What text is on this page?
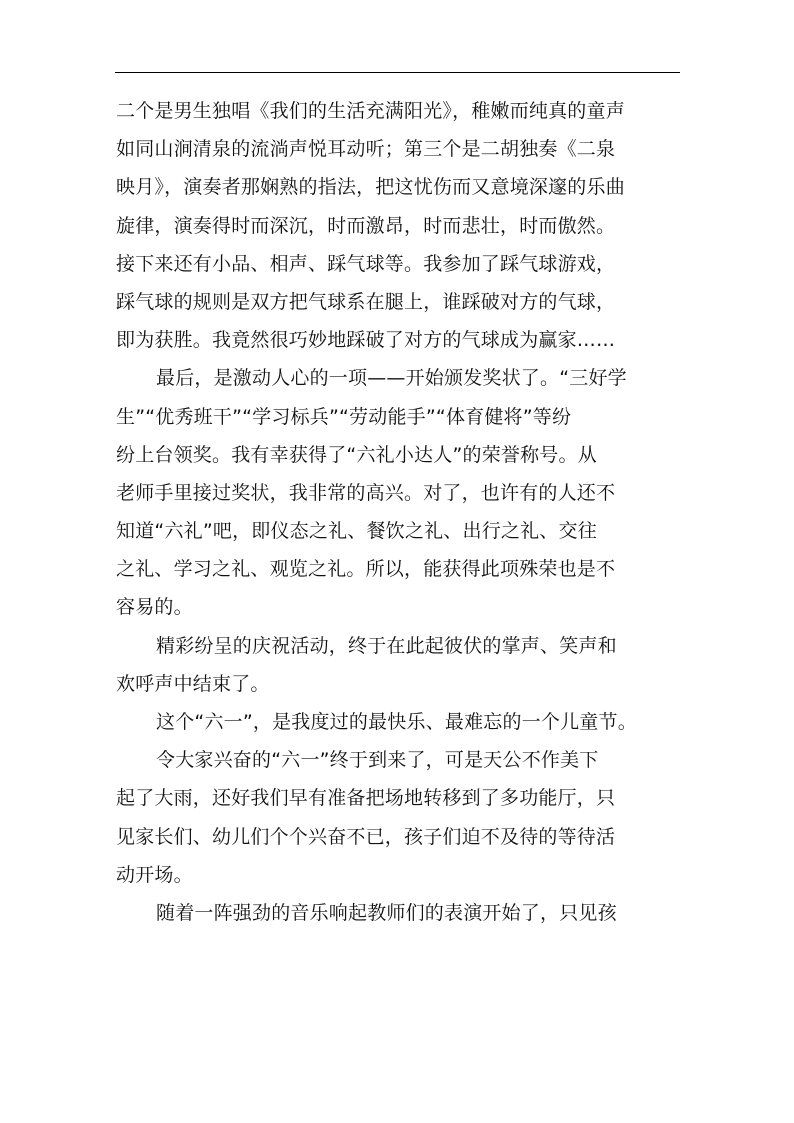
二个是男生独唱《我们的生活充满阳光》，稚嫩而纯真的童声
如同山涧清泉的流淌声悦耳动听；第三个是二胡独奏《二泉
映月》，演奏者那娴熟的指法，把这忧伤而又意境深邃的乐曲
旋律，演奏得时而深沉，时而激昂，时而悲壮，时而傲然。
接下来还有小品、相声、踩气球等。我参加了踩气球游戏，
踩气球的规则是双方把气球系在腿上，谁踩破对方的气球，
即为获胜。我竟然很巧妙地踩破了对方的气球成为赢家……
最后，是激动人心的一项——开始颁发奖状了。“三好学
生”“优秀班干”“学习标兵”“劳动能手”“体育健将”等纷
纷上台领奖。我有幸获得了“六礼小达人”的荣誉称号。从
老师手里接过奖状，我非常的高兴。对了，也许有的人还不
知道“六礼”吧，即仪态之礼、餐饮之礼、出行之礼、交往
之礼、学习之礼、观览之礼。所以，能获得此项殊荣也是不
容易的。
精彩纷呈的庆祝活动，终于在此起彼伏的掌声、笑声和
欢呼声中结束了。
这个“六一”，是我度过的最快乐、最难忘的一个儿童节。
令大家兴奋的“六一”终于到来了，可是天公不作美下
起了大雨，还好我们早有准备把场地转移到了多功能厅，只
见家长们、幼儿们个个兴奋不已，孩子们迫不及待的等待活
动开场。
随着一阵强劲的音乐响起教师们的表演开始了，只见孩
